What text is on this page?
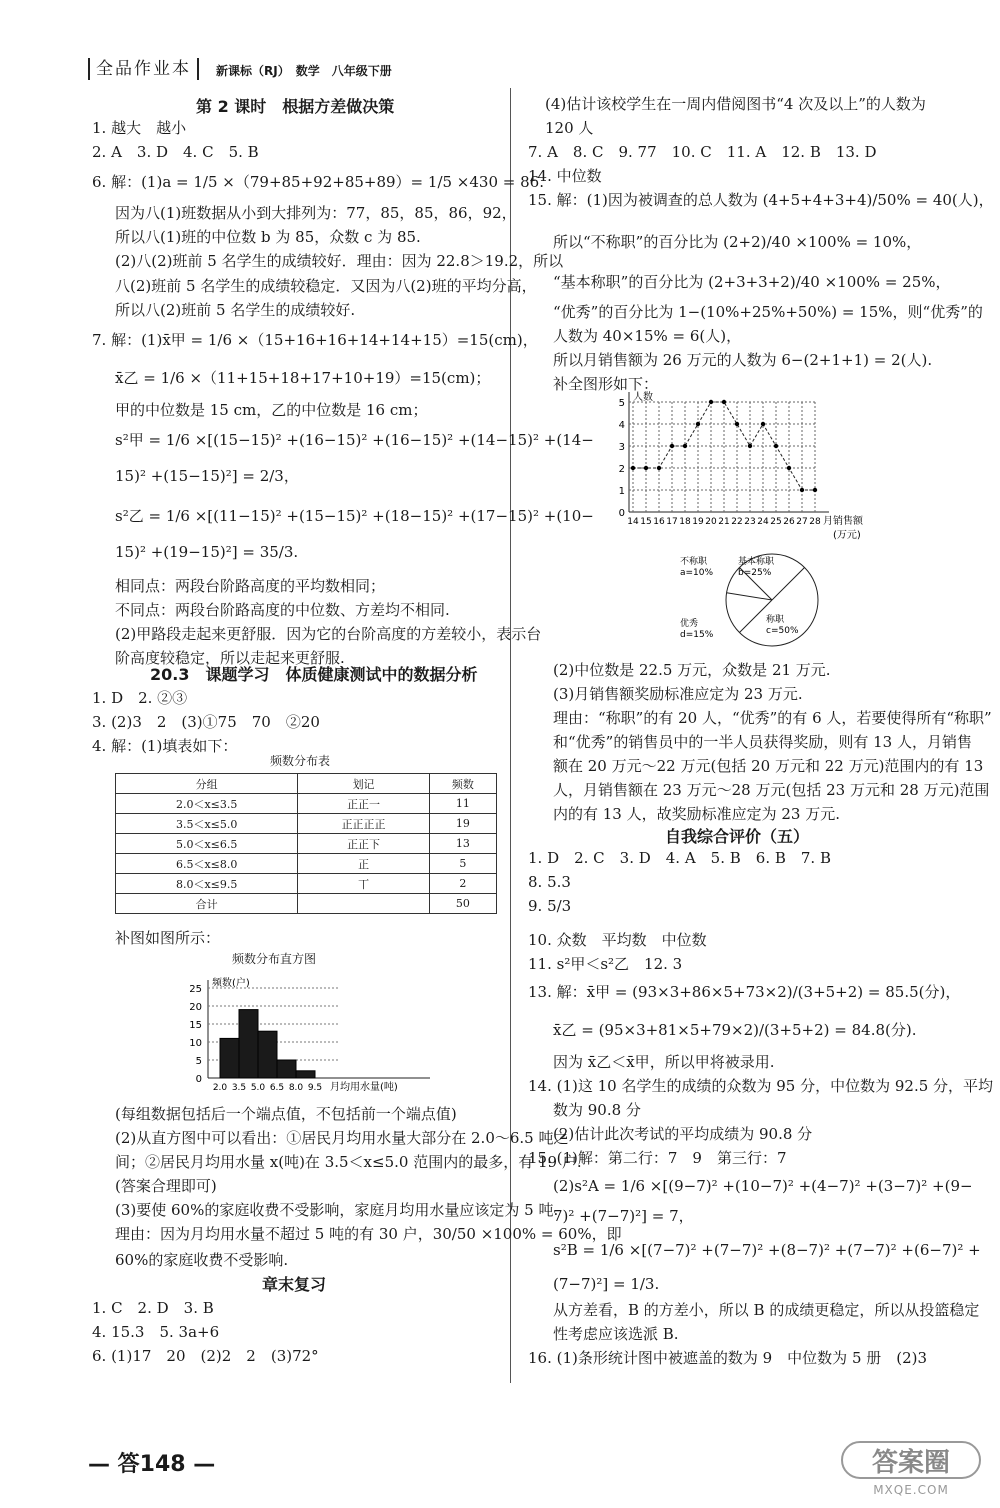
全品作业本	新课标（RJ）　数学　八年级下册
1. 越大　越小
2. A　3. D　4. C　5. B
6. 解：(1)a = 1/5 ×（79+85+92+85+89）= 1/5 ×430 = 86.
因为八(1)班数据从小到大排列为：77，85，85，86，92，
所以八(1)班的中位数 b 为 85，众数 c 为 85.
(2)八(2)班前 5 名学生的成绩较好．理由：因为 22.8＞19.2，所以
八(2)班前 5 名学生的成绩较稳定．又因为八(2)班的平均分高，
所以八(2)班前 5 名学生的成绩较好.
7. 解：(1)x̄甲 = 1/6 ×（15+16+16+14+14+15）=15(cm)，
x̄乙 = 1/6 ×（11+15+18+17+10+19）=15(cm)；
甲的中位数是 15 cm，乙的中位数是 16 cm；
s²甲 = 1/6 ×[(15−15)² +(16−15)² +(16−15)² +(14−15)² +(14−
15)² +(15−15)²] = 2/3，
s²乙 = 1/6 ×[(11−15)² +(15−15)² +(18−15)² +(17−15)² +(10−
15)² +(19−15)²] = 35/3.
相同点：两段台阶路高度的平均数相同；
不同点：两段台阶路高度的中位数、方差均不相同.
(2)甲路段走起来更舒服．因为它的台阶高度的方差较小，表示台
阶高度较稳定，所以走起来更舒服.
1. D　2. ②③
3. (2)3　2　(3)①75　70　②20
4. 解：(1)填表如下：
补图如图所示：
(每组数据包括后一个端点值，不包括前一个端点值)
(2)从直方图中可以看出：①居民月均用水量大部分在 2.0～6.5 吨之
间；②居民月均用水量 x(吨)在 3.5＜x≤5.0 范围内的最多，有 19 户.
(答案合理即可)
(3)要使 60%的家庭收费不受影响，家庭月均用水量应该定为 5 吨.
理由：因为月均用水量不超过 5 吨的有 30 户，30/50 ×100% = 60%，即
60%的家庭收费不受影响.
1. C　2. D　3. B
4. 15.3　5. 3a+6
6. (1)17　20　(2)2　2　(3)72°
(4)估计该校学生在一周内借阅图书“4 次及以上”的人数为
120 人
7. A　8. C　9. 77　10. C　11. A　12. B　13. D
14. 中位数
15. 解：(1)因为被调查的总人数为 (4+5+4+3+4)/50% = 40(人)，
所以“不称职”的百分比为 (2+2)/40 ×100% = 10%，
“基本称职”的百分比为 (2+3+3+2)/40 ×100% = 25%，
“优秀”的百分比为 1−(10%+25%+50%) = 15%，则“优秀”的
人数为 40×15% = 6(人)，
所以月销售额为 26 万元的人数为 6−(2+1+1) = 2(人).
补全图形如下：
(2)中位数是 22.5 万元，众数是 21 万元.
(3)月销售额奖励标准应定为 23 万元.
理由：“称职”的有 20 人，“优秀”的有 6 人，若要使得所有“称职”
和“优秀”的销售员中的一半人员获得奖励，则有 13 人，月销售
额在 20 万元～22 万元(包括 20 万元和 22 万元)范围内的有 13
人，月销售额在 23 万元～28 万元(包括 23 万元和 28 万元)范围
内的有 13 人，故奖励标准应定为 23 万元.
1. D　2. C　3. D　4. A　5. B　6. B　7. B
8. 5.3
9. 5/3
10. 众数　平均数　中位数
11. s²甲＜s²乙　12. 3
13. 解：x̄甲 = (93×3+86×5+73×2)/(3+5+2) = 85.5(分)，
x̄乙 = (95×3+81×5+79×2)/(3+5+2) = 84.8(分).
因为 x̄乙＜x̄甲，所以甲将被录用.
14. (1)这 10 名学生的成绩的众数为 95 分，中位数为 92.5 分，平均
数为 90.8 分
(2)估计此次考试的平均成绩为 90.8 分
15. (1)解：第二行：7　9　第三行：7
(2)s²A = 1/6 ×[(9−7)² +(10−7)² +(4−7)² +(3−7)² +(9−
7)² +(7−7)²] = 7，
s²B = 1/6 ×[(7−7)² +(7−7)² +(8−7)² +(7−7)² +(6−7)² +
(7−7)²] = 1/3.
从方差看，B 的方差小，所以 B 的成绩更稳定，所以从投篮稳定
性考虑应该选派 B.
16. (1)条形统计图中被遮盖的数为 9　中位数为 5 册　(2)3
第 2 课时　根据方差做决策
20.3　课题学习　体质健康测试中的数据分析
章末复习
自我综合评价（五）
频数分布表
分组	划记	频数
2.0＜x≤3.5	正正一	11
3.5＜x≤5.0	正正正正	19
5.0＜x≤6.5	正正下	13
6.5＜x≤8.0	正	5
8.0＜x≤9.5	丅	2
合计		50
频数分布直方图
频数(户)
0
5
10
15
20
25
2.0 3.5 5.0 6.5 8.0 9.5 月均用水量(吨)
人数
0
1
2
3
4
5
14 15 16 17 18 19 20 21 22 23 24 25 26 27 28 月销售额
(万元)
不称职
a=10%
基本称职
b=25%
称职
c=50%
优秀
d=15%
— 答148 —	答案圈
MXQE.COM
